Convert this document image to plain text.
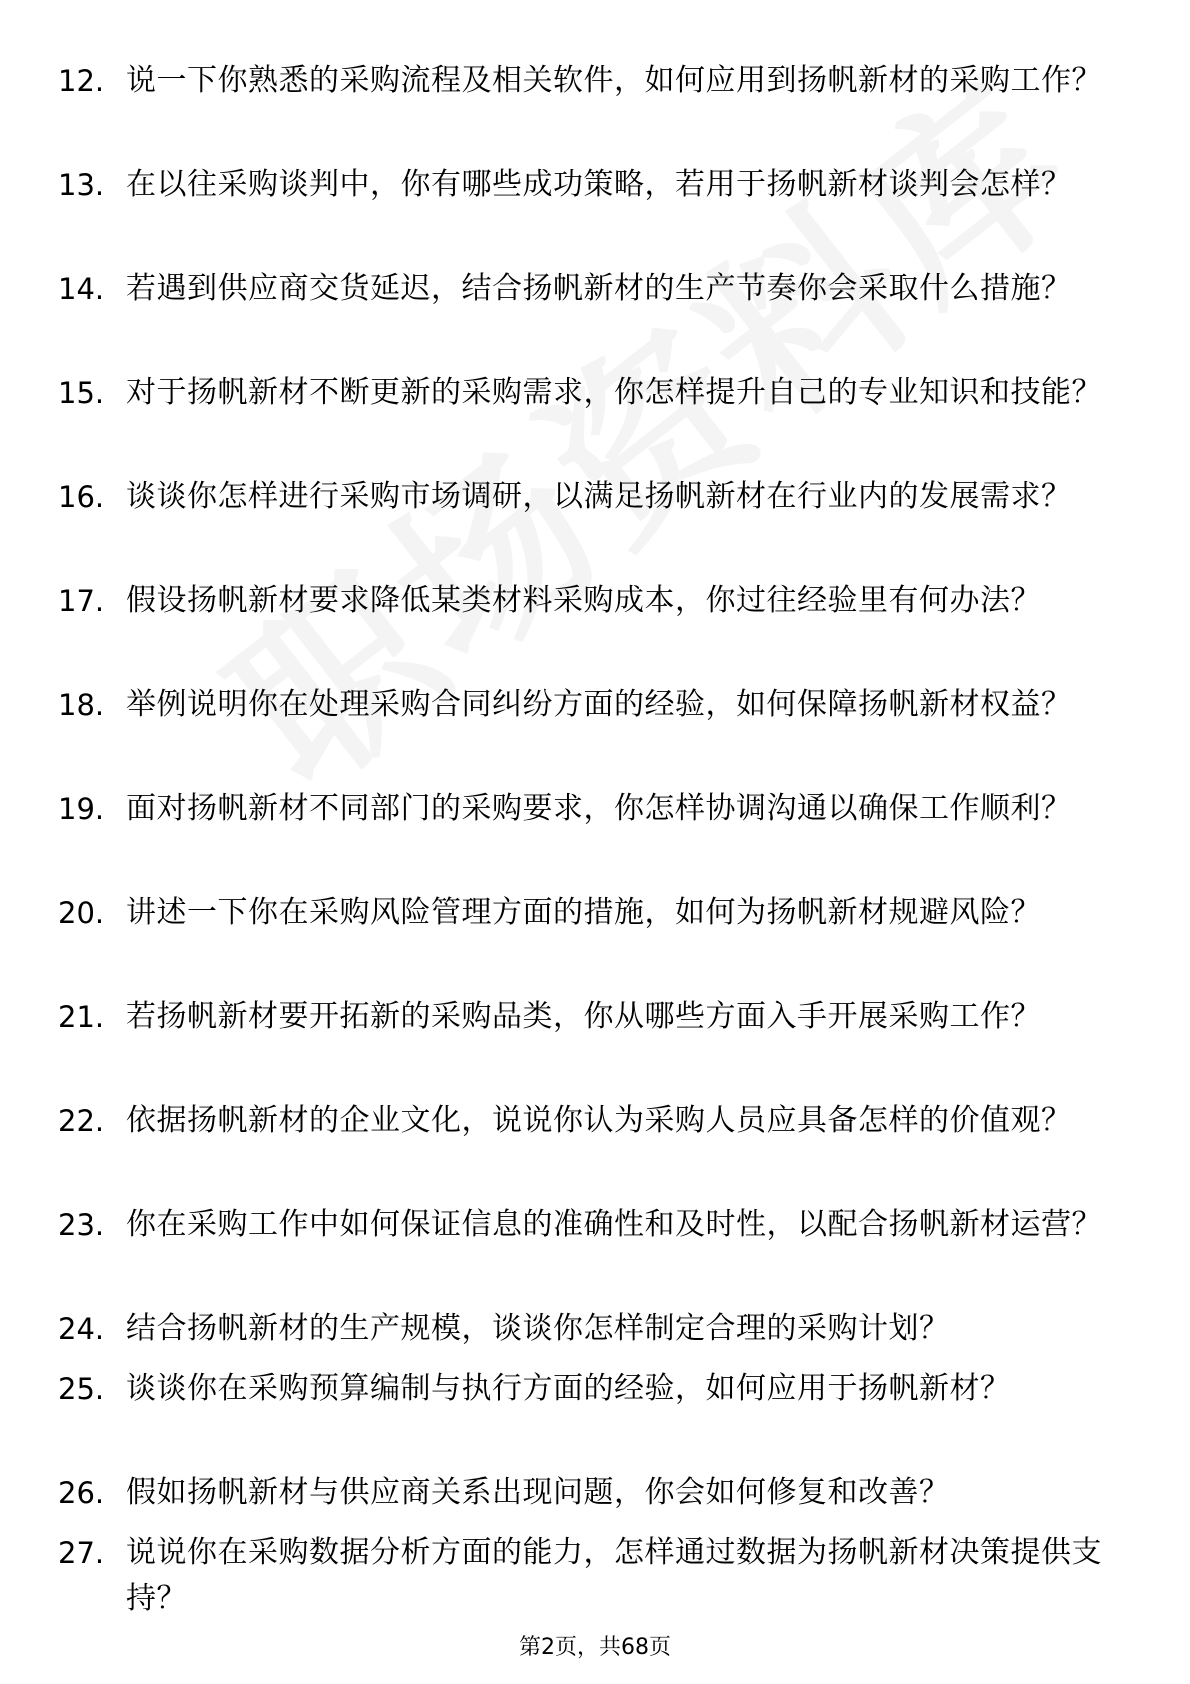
12. 说一下你熟悉的采购流程及相关软件，如何应用到扬帆新材的采购工作？
13. 在以往采购谈判中，你有哪些成功策略，若用于扬帆新材谈判会怎样？
14. 若遇到供应商交货延迟，结合扬帆新材的生产节奏你会采取什么措施？
15. 对于扬帆新材不断更新的采购需求，你怎样提升自己的专业知识和技能？
16. 谈谈你怎样进行采购市场调研，以满足扬帆新材在行业内的发展需求？
17. 假设扬帆新材要求降低某类材料采购成本，你过往经验里有何办法？
18. 举例说明你在处理采购合同纠纷方面的经验，如何保障扬帆新材权益？
19. 面对扬帆新材不同部门的采购要求，你怎样协调沟通以确保工作顺利？
20. 讲述一下你在采购风险管理方面的措施，如何为扬帆新材规避风险？
21. 若扬帆新材要开拓新的采购品类，你从哪些方面入手开展采购工作？
22. 依据扬帆新材的企业文化，说说你认为采购人员应具备怎样的价值观？
23. 你在采购工作中如何保证信息的准确性和及时性，以配合扬帆新材运营？
24. 结合扬帆新材的生产规模，谈谈你怎样制定合理的采购计划？
25. 谈谈你在采购预算编制与执行方面的经验，如何应用于扬帆新材？
26. 假如扬帆新材与供应商关系出现问题，你会如何修复和改善？
27. 说说你在采购数据分析方面的能力，怎样通过数据为扬帆新材决策提供支持？
第2页，共68页
